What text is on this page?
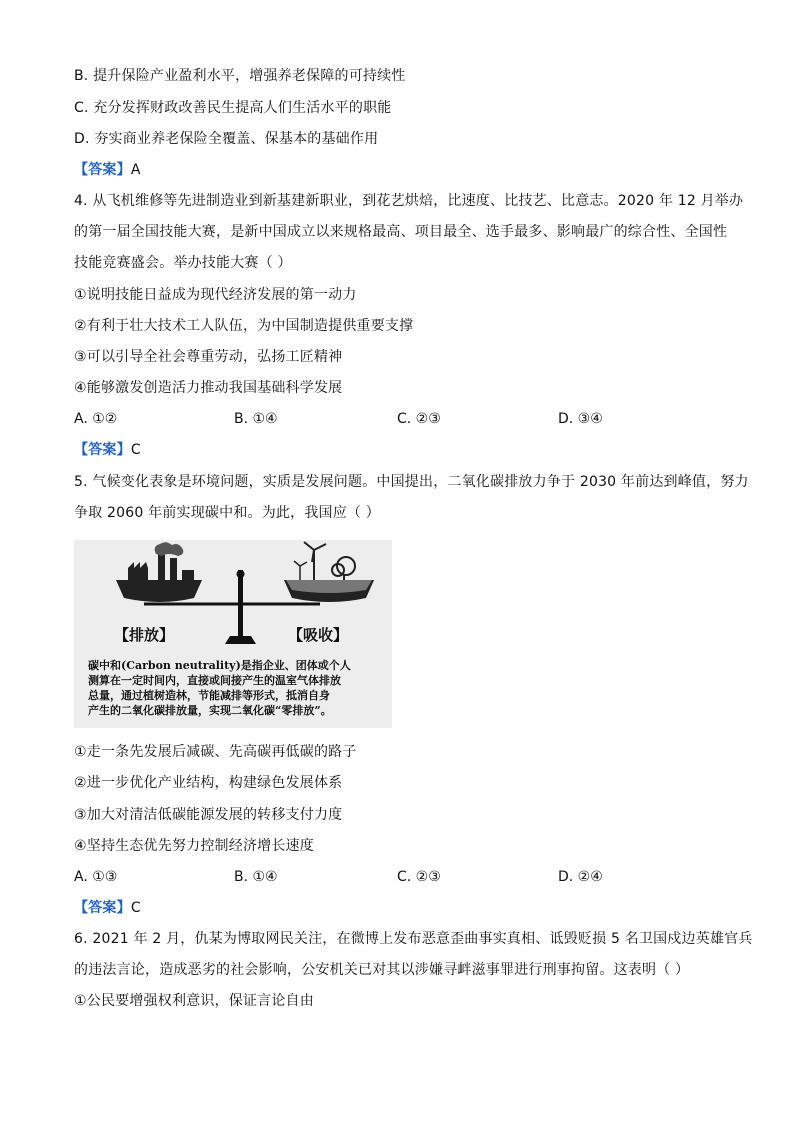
B. 提升保险产业盈利水平，增强养老保障的可持续性
C. 充分发挥财政改善民生提高人们生活水平的职能
D. 夯实商业养老保险全覆盖、保基本的基础作用
【答案】A
4. 从飞机维修等先进制造业到新基建新职业，到花艺烘焙，比速度、比技艺、比意志。2020 年 12 月举办
的第一届全国技能大赛，是新中国成立以来规格最高、项目最全、选手最多、影响最广的综合性、全国性
技能竞赛盛会。举办技能大赛（ ）
①说明技能日益成为现代经济发展的第一动力
②有利于壮大技术工人队伍，为中国制造提供重要支撑
③可以引导全社会尊重劳动，弘扬工匠精神
④能够激发创造活力推动我国基础科学发展
A. ①②	B. ①④	C. ②③	D. ③④
【答案】C
5. 气候变化表象是环境问题，实质是发展问题。中国提出，二氧化碳排放力争于 2030 年前达到峰值，努力
争取 2060 年前实现碳中和。为此，我国应（ ）
【排放】	【吸收】
碳中和(Carbon neutrality)是指企业、团体或个人
测算在一定时间内，直接或间接产生的温室气体排放
总量，通过植树造林，节能减排等形式，抵消自身
产生的二氧化碳排放量，实现二氧化碳“零排放”。
①走一条先发展后减碳、先高碳再低碳的路子
②进一步优化产业结构，构建绿色发展体系
③加大对清洁低碳能源发展的转移支付力度
④坚持生态优先努力控制经济增长速度
A. ①③	B. ①④	C. ②③	D. ②④
【答案】C
6. 2021 年 2 月，仇某为博取网民关注，在微博上发布恶意歪曲事实真相、诋毁贬损 5 名卫国戍边英雄官兵
的违法言论，造成恶劣的社会影响，公安机关已对其以涉嫌寻衅滋事罪进行刑事拘留。这表明（ ）
①公民要增强权利意识，保证言论自由
